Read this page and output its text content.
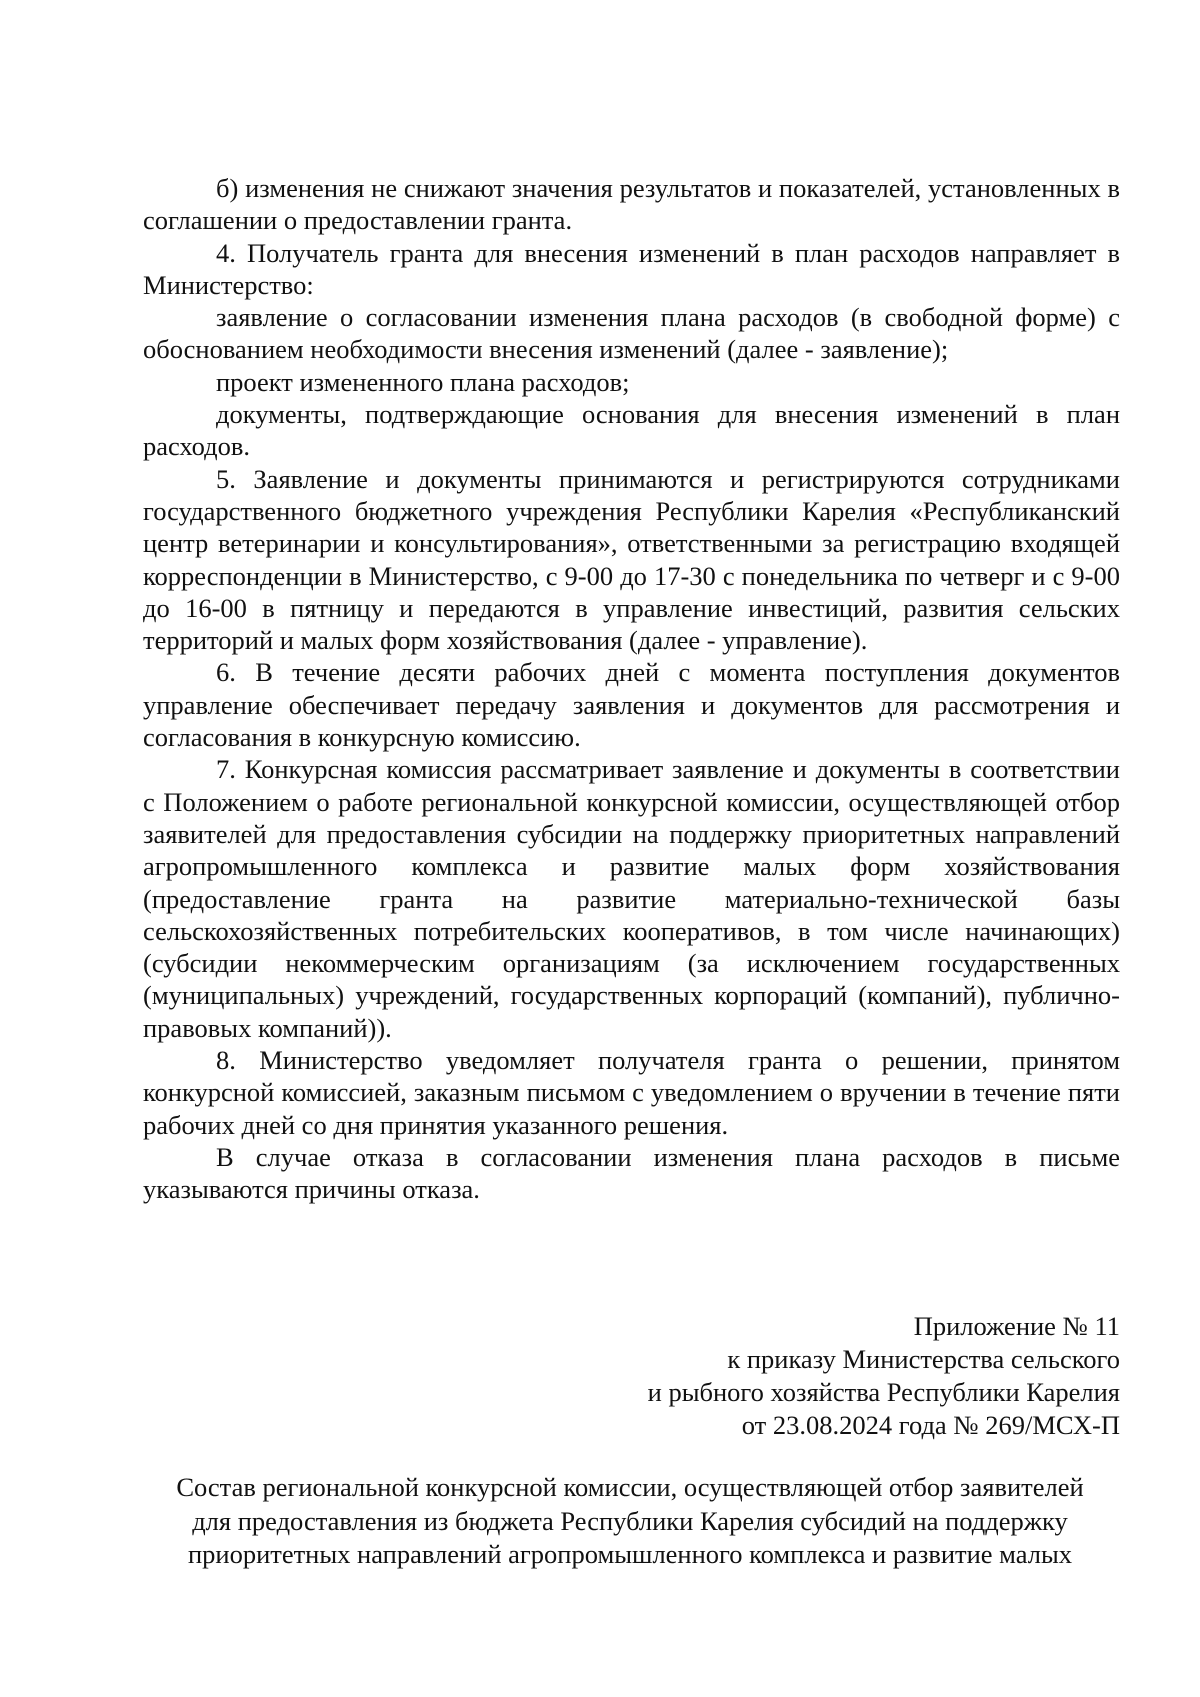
б) изменения не снижают значения результатов и показателей, установленных в соглашении о предоставлении гранта.

4. Получатель гранта для внесения изменений в план расходов направляет в Министерство:

заявление о согласовании изменения плана расходов (в свободной форме) с обоснованием необходимости внесения изменений (далее - заявление);

проект измененного плана расходов;

документы, подтверждающие основания для внесения изменений в план расходов.

5. Заявление и документы принимаются и регистрируются сотрудниками государственного бюджетного учреждения Республики Карелия «Республиканский центр ветеринарии и консультирования», ответственными за регистрацию входящей корреспонденции в Министерство, с 9-00 до 17-30 с понедельника по четверг и с 9-00 до 16-00 в пятницу и передаются в управление инвестиций, развития сельских территорий и малых форм хозяйствования (далее - управление).

6. В течение десяти рабочих дней с момента поступления документов управление обеспечивает передачу заявления и документов для рассмотрения и согласования в конкурсную комиссию.

7. Конкурсная комиссия рассматривает заявление и документы в соответствии с Положением о работе региональной конкурсной комиссии, осуществляющей отбор заявителей для предоставления субсидии на поддержку приоритетных направлений агропромышленного комплекса и развитие малых форм хозяйствования (предоставление гранта на развитие материально-технической базы сельскохозяйственных потребительских кооперативов, в том числе начинающих) (субсидии некоммерческим организациям (за исключением государственных (муниципальных) учреждений, государственных корпораций (компаний), публично-правовых компаний)).

8. Министерство уведомляет получателя гранта о решении, принятом конкурсной комиссией, заказным письмом с уведомлением о вручении в течение пяти рабочих дней со дня принятия указанного решения.

В случае отказа в согласовании изменения плана расходов в письме указываются причины отказа.

Приложение № 11
к приказу Министерства сельского
и рыбного хозяйства Республики Карелия
от 23.08.2024 года № 269/МСХ-П
Состав региональной конкурсной комиссии, осуществляющей отбор заявителей
для предоставления из бюджета Республики Карелия субсидий на поддержку
приоритетных направлений агропромышленного комплекса и развитие малых
